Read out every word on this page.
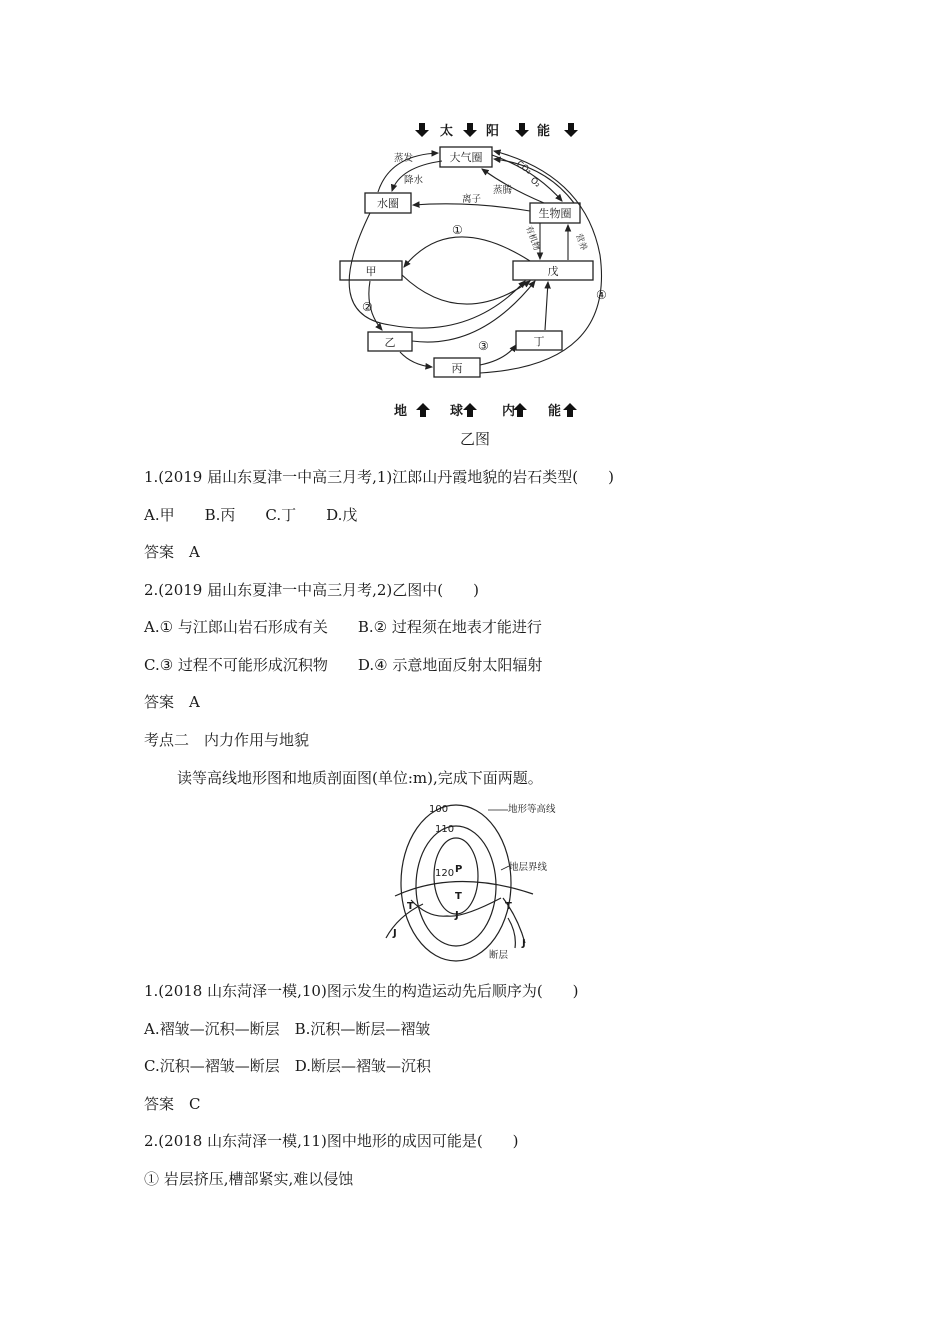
太	阳	能
大气圈
水圈
生物圈
甲	戊
乙
丙
丁
蒸发
降水
CO₂
O₂
蒸腾
离子
有机物	营养
①
②
③
④
地	球	内	能
乙图
1.(2019 届山东夏津一中高三月考,1)江郎山丹霞地貌的岩石类型(　　)
A.甲　　B.丙　　C.丁　　D.戊
答案　A
2.(2019 届山东夏津一中高三月考,2)乙图中(　　)
A.① 与江郎山岩石形成有关　　B.② 过程须在地表才能进行
C.③ 过程不可能形成沉积物　　D.④ 示意地面反射太阳辐射
答案　A
考点二　内力作用与地貌
读等高线地形图和地质剖面图(单位:m),完成下面两题。
100
110
120 P
T
T	T
J
J
J
地形等高线
地层界线
断层
1.(2018 山东菏泽一模,10)图示发生的构造运动先后顺序为(　　)
A.褶皱—沉积—断层　B.沉积—断层—褶皱
C.沉积—褶皱—断层　D.断层—褶皱—沉积
答案　C
2.(2018 山东菏泽一模,11)图中地形的成因可能是(　　)
① 岩层挤压,槽部紧实,难以侵蚀
